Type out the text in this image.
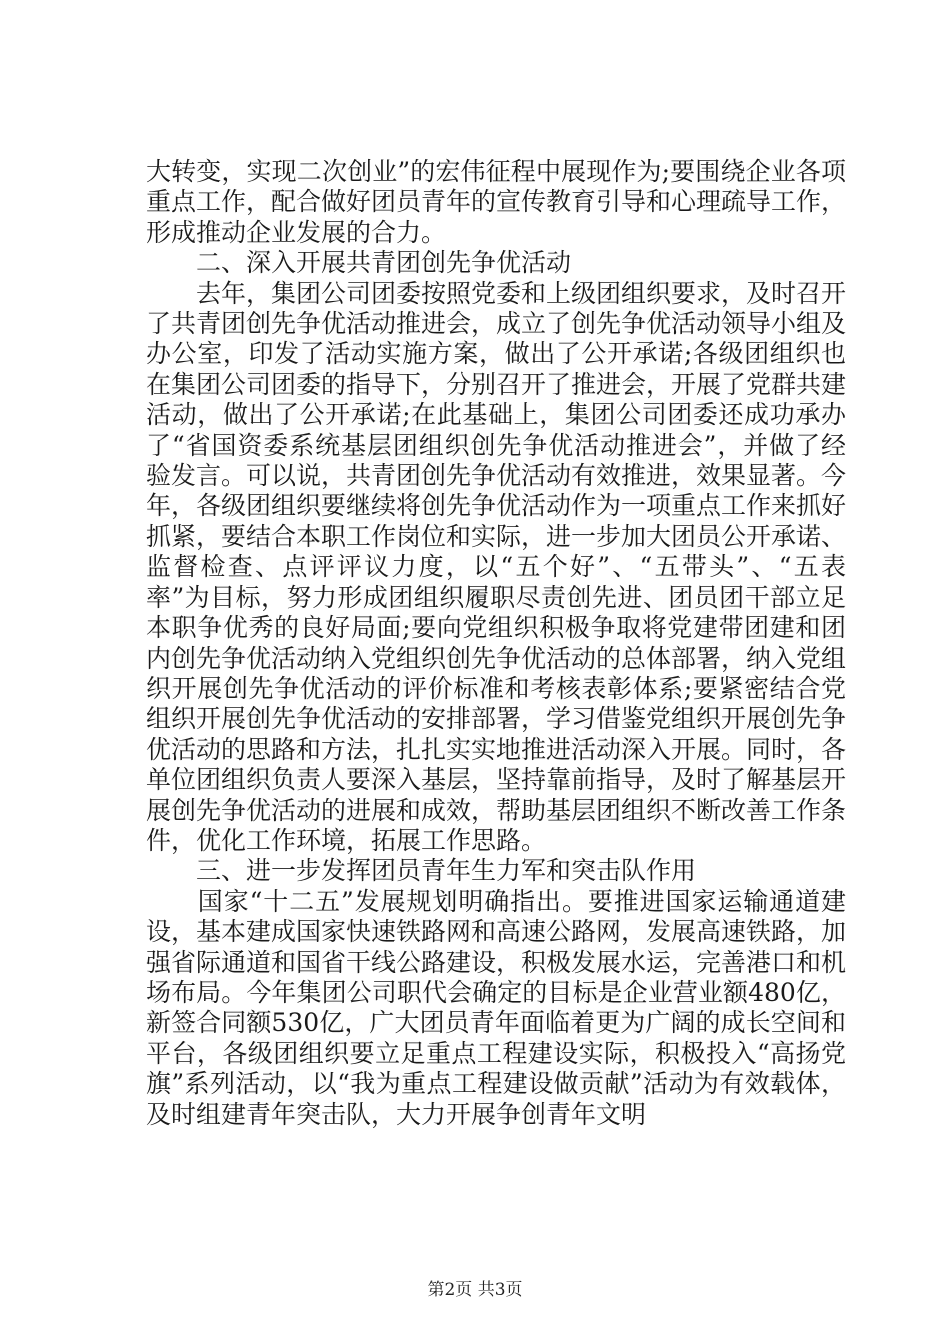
大转变，实现二次创业”的宏伟征程中展现作为;要围绕企业各项重点工作，配合做好团员青年的宣传教育引导和心理疏导工作，形成推动企业发展的合力。

　　二、深入开展共青团创先争优活动

　　去年，集团公司团委按照党委和上级团组织要求，及时召开了共青团创先争优活动推进会，成立了创先争优活动领导小组及办公室，印发了活动实施方案，做出了公开承诺;各级团组织也在集团公司团委的指导下，分别召开了推进会，开展了党群共建活动，做出了公开承诺;在此基础上，集团公司团委还成功承办了“省国资委系统基层团组织创先争优活动推进会”，并做了经验发言。可以说，共青团创先争优活动有效推进，效果显著。今年，各级团组织要继续将创先争优活动作为一项重点工作来抓好抓紧，要结合本职工作岗位和实际，进一步加大团员公开承诺、监督检查、点评评议力度，以“五个好”、“五带头”、“五表率”为目标，努力形成团组织履职尽责创先进、团员团干部立足本职争优秀的良好局面;要向党组织积极争取将党建带团建和团内创先争优活动纳入党组织创先争优活动的总体部署，纳入党组织开展创先争优活动的评价标准和考核表彰体系;要紧密结合党组织开展创先争优活动的安排部署，学习借鉴党组织开展创先争优活动的思路和方法，扎扎实实地推进活动深入开展。同时，各单位团组织负责人要深入基层，坚持靠前指导，及时了解基层开展创先争优活动的进展和成效，帮助基层团组织不断改善工作条件，优化工作环境，拓展工作思路。

　　三、进一步发挥团员青年生力军和突击队作用

　　国家“十二五”发展规划明确指出。要推进国家运输通道建设，基本建成国家快速铁路网和高速公路网，发展高速铁路，加强省际通道和国省干线公路建设，积极发展水运，完善港口和机场布局。今年集团公司职代会确定的目标是企业营业额480亿，新签合同额530亿，广大团员青年面临着更为广阔的成长空间和平台，各级团组织要立足重点工程建设实际，积极投入“高扬党旗”系列活动，以“我为重点工程建设做贡献”活动为有效载体，及时组建青年突击队，大力开展争创青年文明

第2页 共3页
